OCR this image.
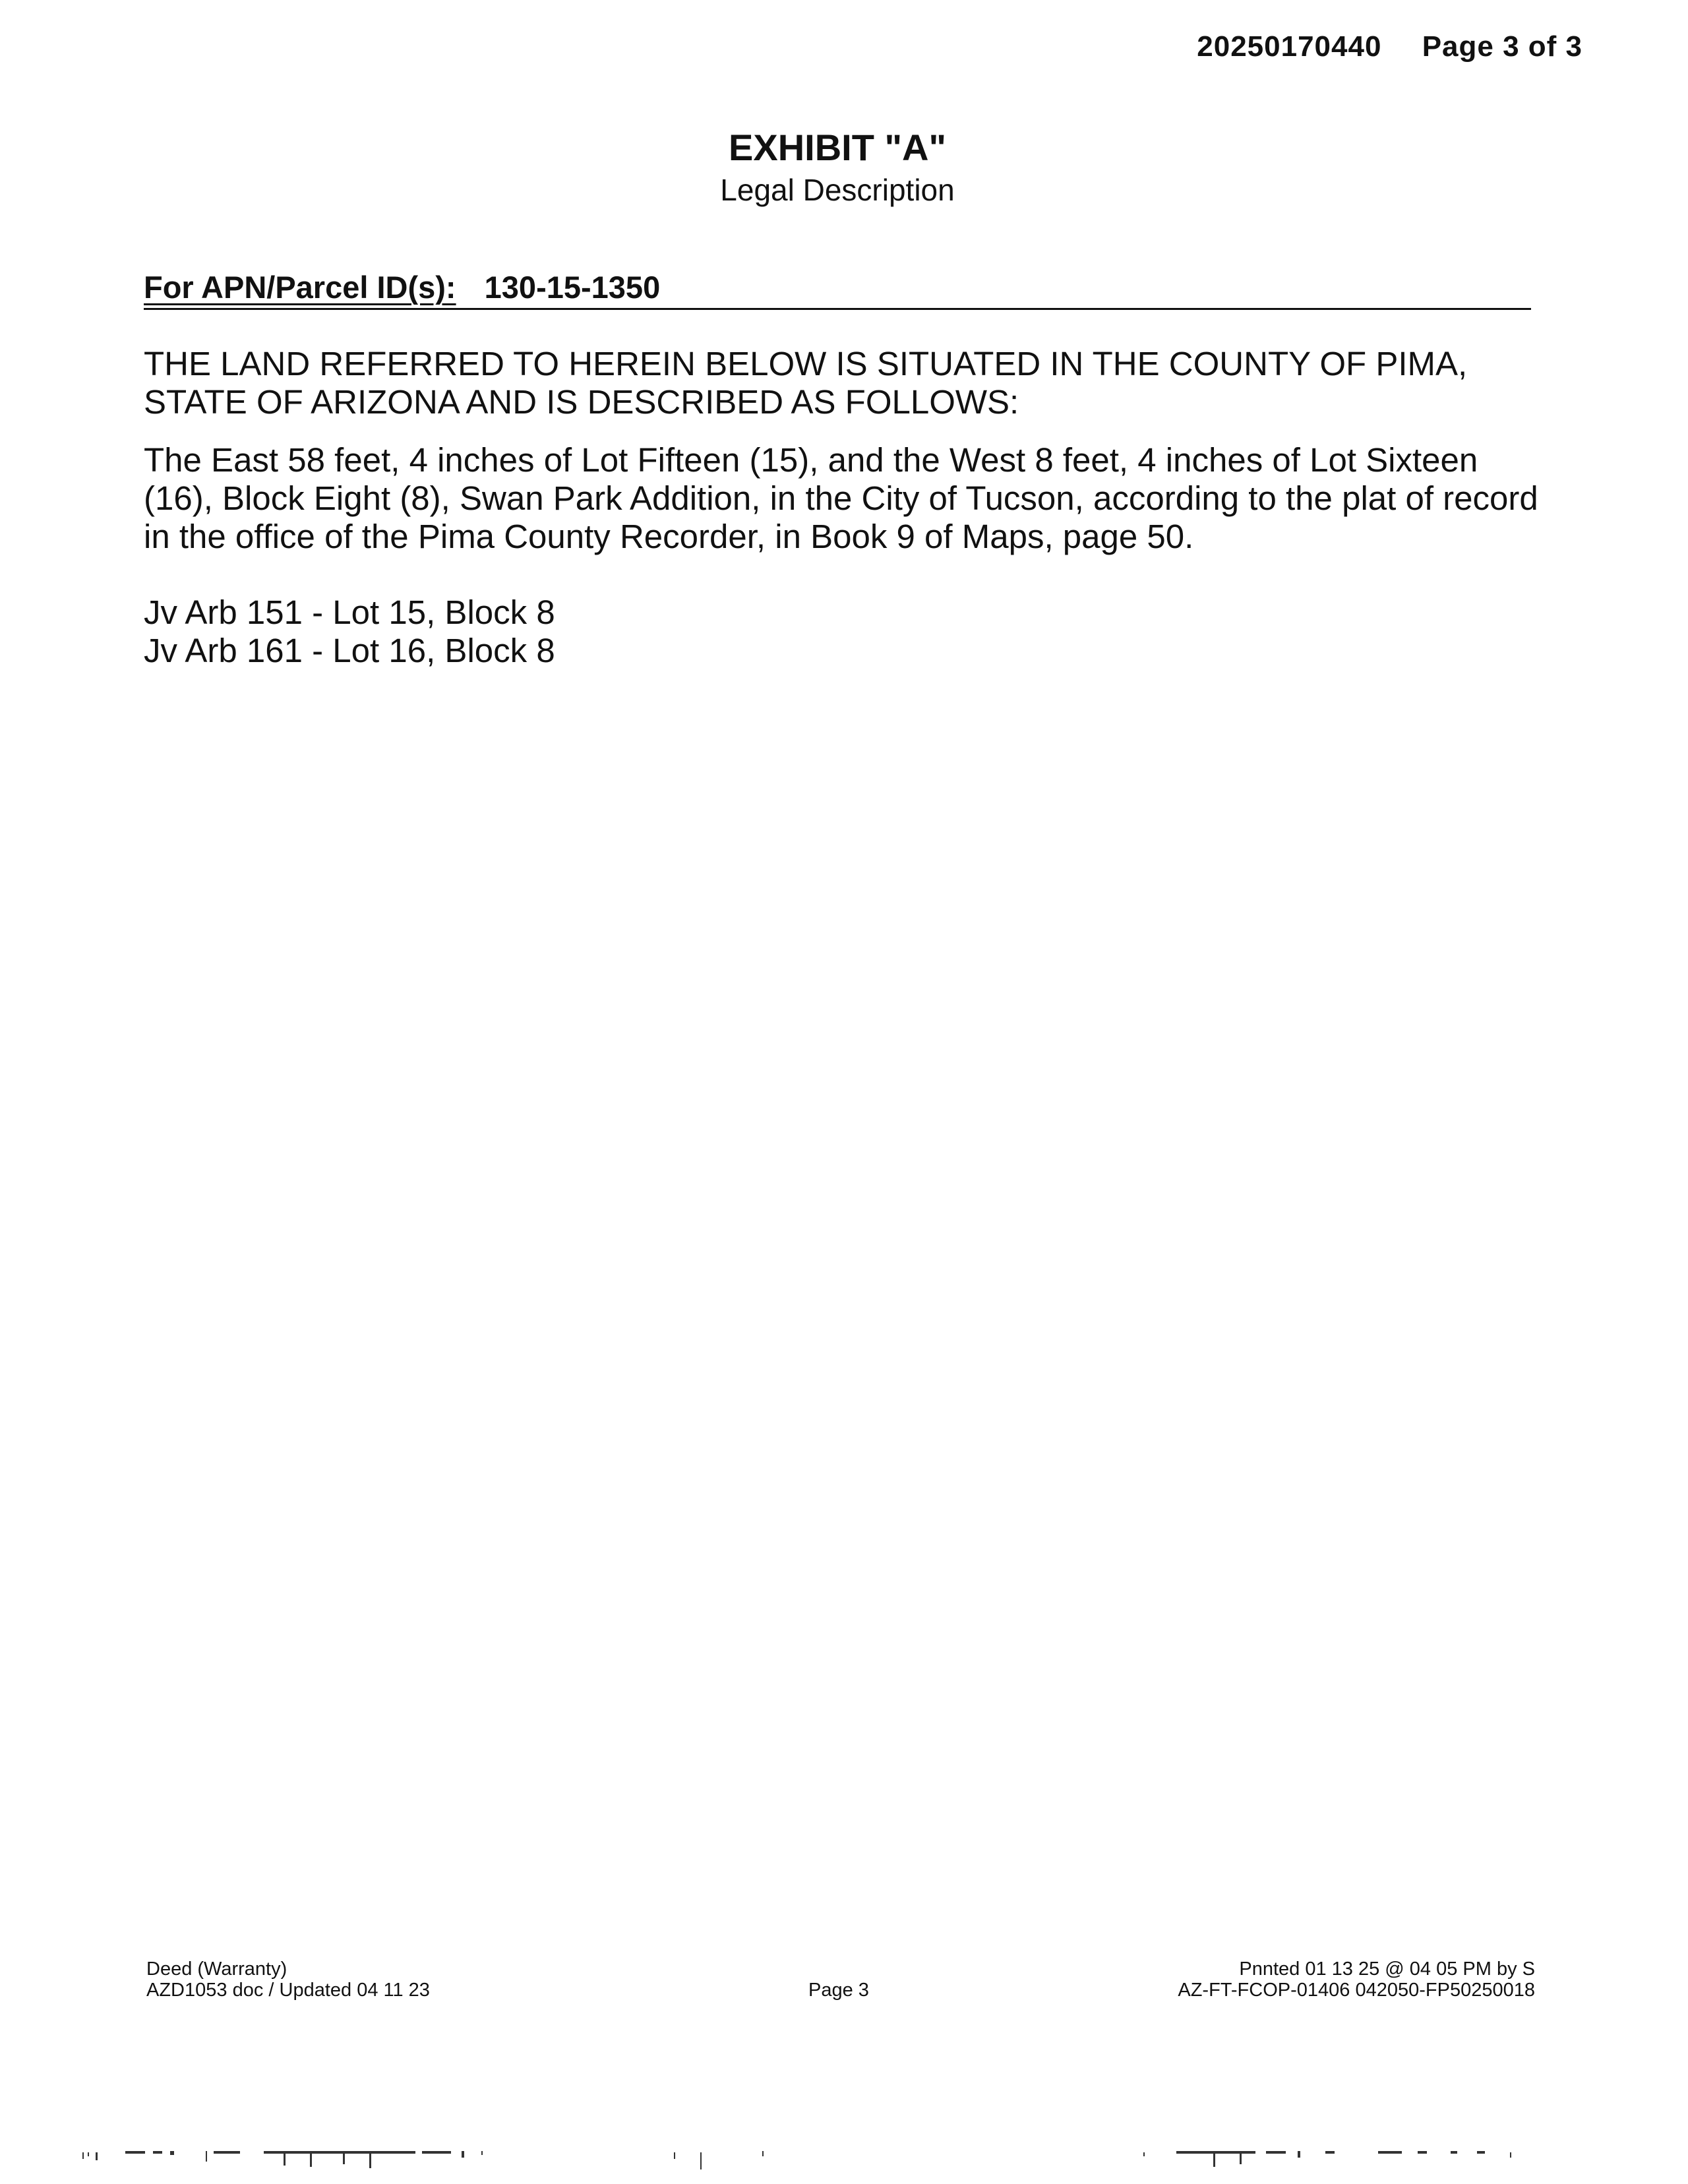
20250170440 Page 3 of 3
EXHIBIT "A"
Legal Description
For APN/Parcel ID(s): 130-15-1350
THE LAND REFERRED TO HEREIN BELOW IS SITUATED IN THE COUNTY OF PIMA, STATE OF ARIZONA AND IS DESCRIBED AS FOLLOWS:
The East 58 feet, 4 inches of Lot Fifteen (15), and the West 8 feet, 4 inches of Lot Sixteen (16), Block Eight (8), Swan Park Addition, in the City of Tucson, according to the plat of record in the office of the Pima County Recorder, in Book 9 of Maps, page 50.
Jv Arb 151 - Lot 15, Block 8
Jv Arb 161 - Lot 16, Block 8
Deed (Warranty)
AZD1053 doc / Updated 04 11 23	Page 3
Pnnted 01 13 25 @ 04 05 PM by S
AZ-FT-FCOP-01406 042050-FP50250018
